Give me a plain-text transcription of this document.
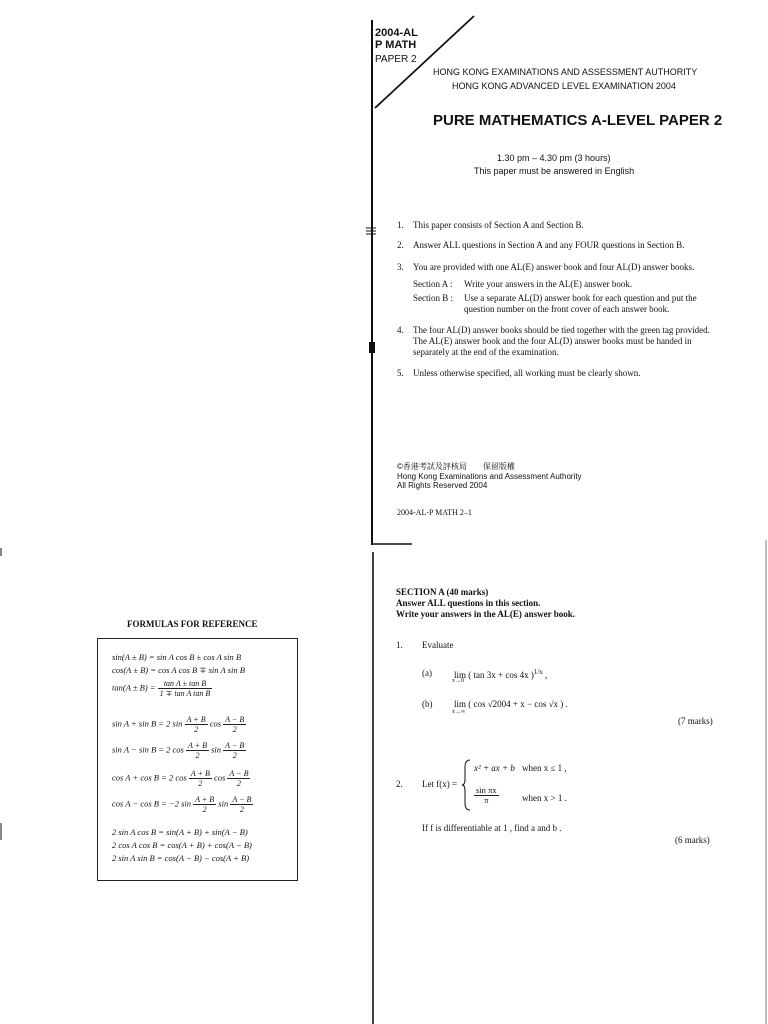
2004-AL
P MATH
PAPER 2
HONG KONG EXAMINATIONS AND ASSESSMENT AUTHORITY
HONG KONG ADVANCED LEVEL EXAMINATION 2004
PURE MATHEMATICS A-LEVEL PAPER 2
1.30 pm – 4.30 pm (3 hours)
This paper must be answered in English
1. This paper consists of Section A and Section B.
2. Answer ALL questions in Section A and any FOUR questions in Section B.
3. You are provided with one AL(E) answer book and four AL(D) answer books.
Section A : Write your answers in the AL(E) answer book.
Section B : Use a separate AL(D) answer book for each question and put the question number on the front cover of each answer book.
4. The four AL(D) answer books should be tied together with the green tag provided. The AL(E) answer book and the four AL(D) answer books must be handed in separately at the end of the examination.
5. Unless otherwise specified, all working must be clearly shown.
©香港考試及評核局　　保留版權
Hong Kong Examinations and Assessment Authority
All Rights Reserved 2004
2004-AL-P MATH 2–1
FORMULAS FOR REFERENCE
sin(A ± B) = sin A cos B ± cos A sin B
cos(A ± B) = cos A cos B ∓ sin A sin B
$\tan(A \pm B) = \frac{\text{tan A ± tan B}}{\text{1 ∓ tan A tan B}}$
sin A + sin B = 2 $\sin \frac{A + B}{2}$ $\cos \frac{A - B}{2}$
sin A − sin B = 2 $\cos \frac{A + B}{2}$ $\sin \frac{A - B}{2}$
cos A + cos B = 2 $\cos \frac{A + B}{2}$ $\cos \frac{A - B}{2}$
cos A − cos B = −2 $\sin \frac{A + B}{2}$ $\sin \frac{A - B}{2}$
2 sin A cos B = sin(A + B) + sin(A − B)
2 cos A cos B = cos(A + B) + cos(A − B)
2 sin A sin B = cos(A − B) − cos(A + B)
SECTION A (40 marks)
Answer ALL questions in this section.
Write your answers in the AL(E) answer book.
1. Evaluate
(a) lim ( tan 3x + cos 4x )$^{1/x}$ ,
x→0
(b) lim ( cos √2004 + x − cos √x ) .
x→∞
(7 marks)
2. Let f(x) =
x² + ax + b when x ≤ 1 ,
$\frac{\text{sin πx}}{\pi}$	when x > 1 .
If f is differentiable at 1 , find a and b .
(6 marks)
